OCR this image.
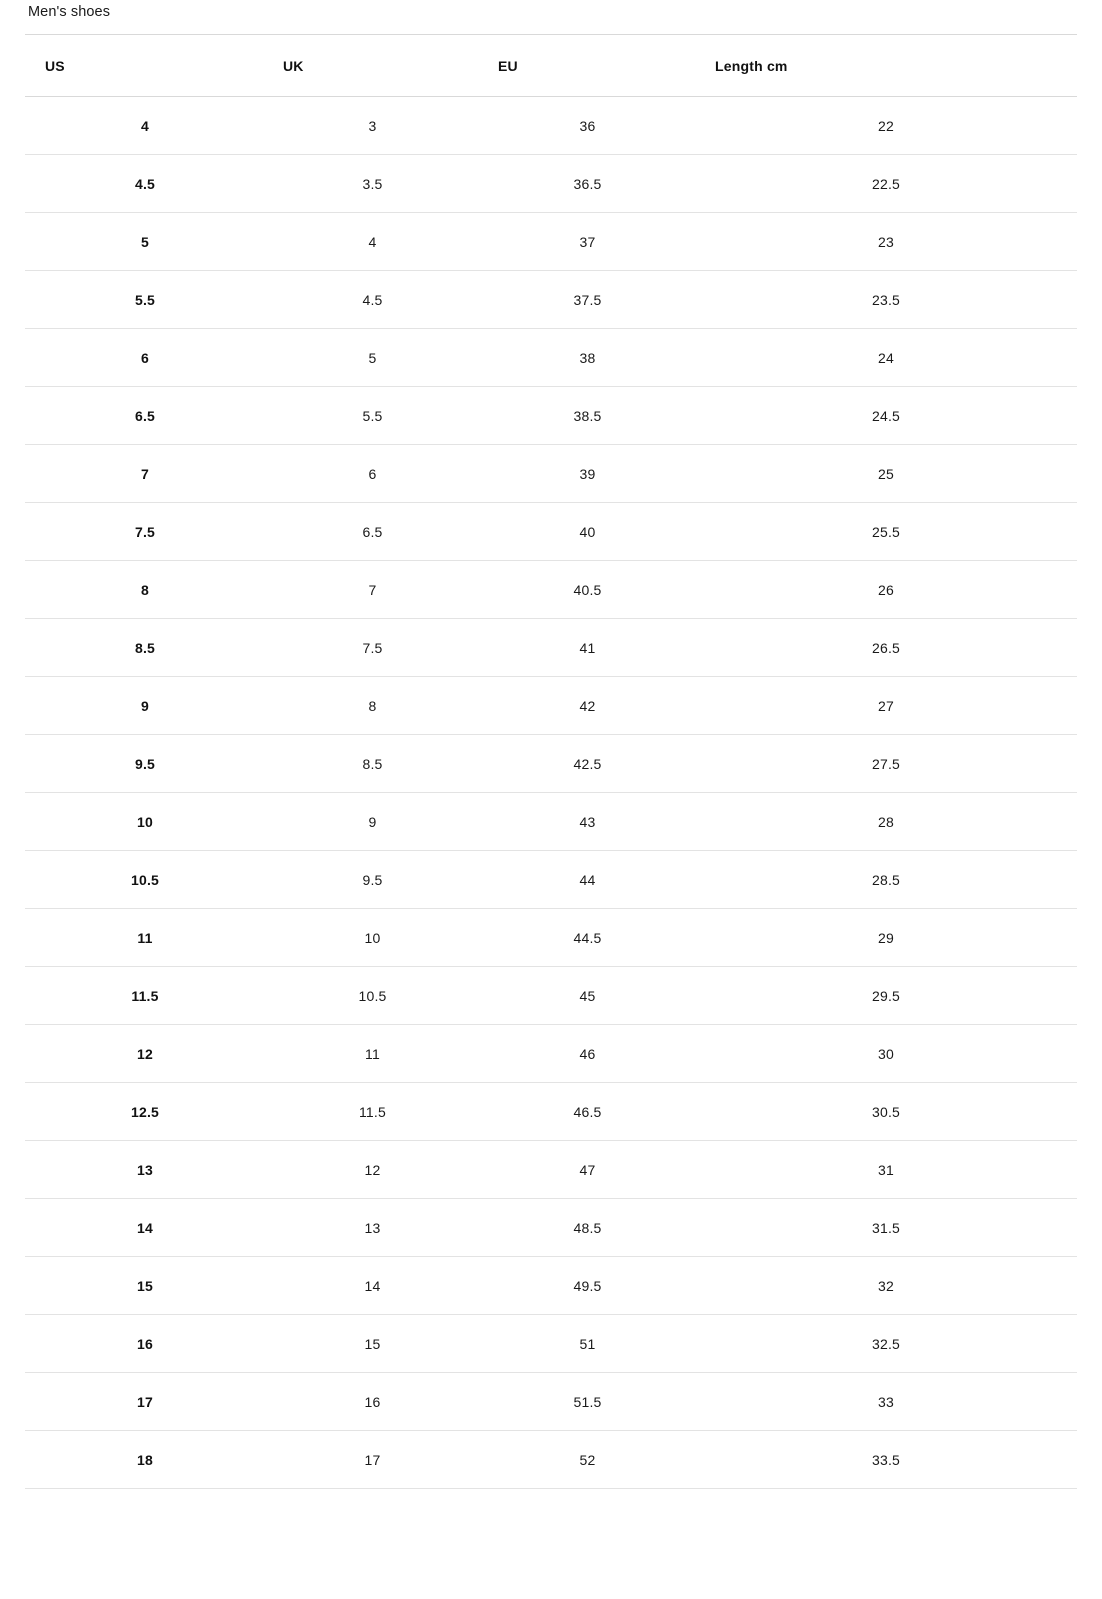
Men's shoes
US	UK	EU	Length cm
4	3	36	22
4.5	3.5	36.5	22.5
5	4	37	23
5.5	4.5	37.5	23.5
6	5	38	24
6.5	5.5	38.5	24.5
7	6	39	25
7.5	6.5	40	25.5
8	7	40.5	26
8.5	7.5	41	26.5
9	8	42	27
9.5	8.5	42.5	27.5
10	9	43	28
10.5	9.5	44	28.5
11	10	44.5	29
11.5	10.5	45	29.5
12	11	46	30
12.5	11.5	46.5	30.5
13	12	47	31
14	13	48.5	31.5
15	14	49.5	32
16	15	51	32.5
17	16	51.5	33
18	17	52	33.5
